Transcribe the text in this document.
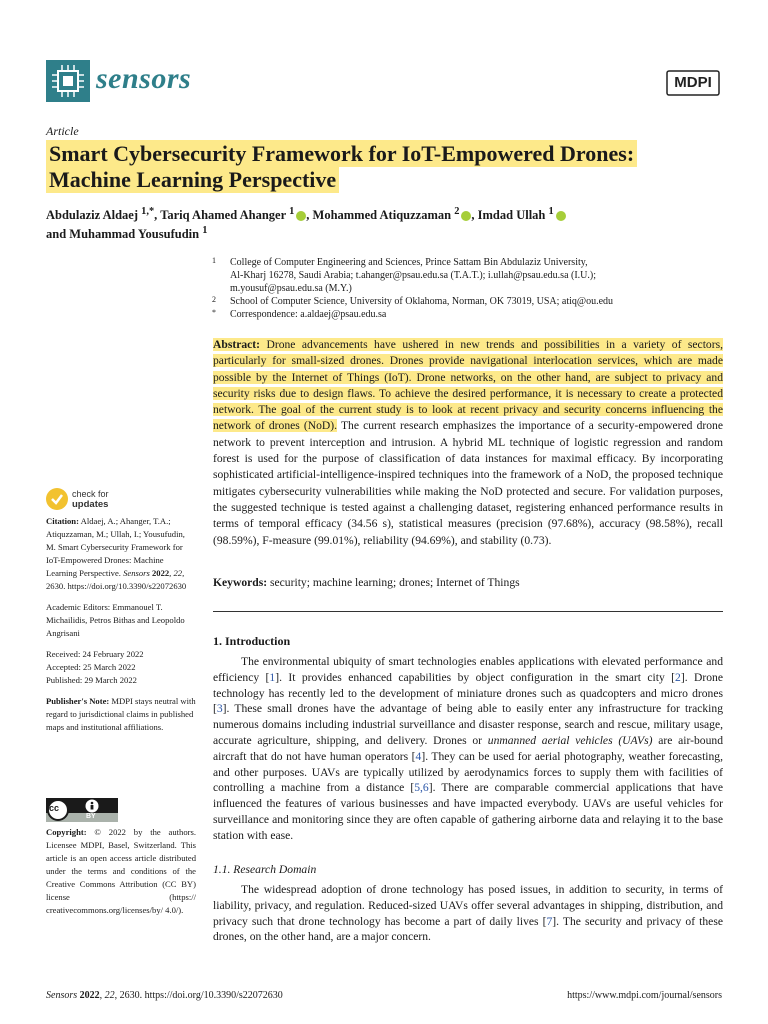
sensors	MDPI
Article
Smart Cybersecurity Framework for IoT-Empowered Drones:
Machine Learning Perspective
Abdulaziz Aldaej $^{1,*}$, Tariq Ahamed Ahanger $^1$ , Mohammed Atiquzzaman $^2$ , Imdad Ullah $^1$
and Muhammad Yousufudin $^1$

1 College of Computer Engineering and Sciences, Prince Sattam Bin Abdulaziz University,
Al-Kharj 16278, Saudi Arabia; t.ahanger@psau.edu.sa (T.A.T.); i.ullah@psau.edu.sa (I.U.);
m.yousuf@psau.edu.sa (M.Y.)

2 School of Computer Science, University of Oklahoma, Norman, OK 73019, USA; atiq@ou.edu

* Correspondence: a.aldaej@psau.edu.sa

Abstract: Drone advancements have ushered in new trends and possibilities in a variety of sectors, particularly for small-sized drones. Drones provide navigational interlocation services, which are made possible by the Internet of Things (IoT). Drone networks, on the other hand, are subject to privacy and security risks due to design flaws. To achieve the desired performance, it is necessary to create a protected network. The goal of the current study is to look at recent privacy and security concerns influencing the network of drones (NoD). The current research emphasizes the importance of a security-empowered drone network to prevent interception and intrusion. A hybrid ML technique of logistic regression and random forest is used for the purpose of classification of data instances for maximal efficacy. By incorporating sophisticated artificial-intelligence-inspired techniques into the framework of a NoD, the proposed technique mitigates cybersecurity vulnerabilities while making the NoD protected and secure. For validation purposes, the suggested technique is tested against a challenging dataset, registering enhanced performance results in terms of temporal efficacy (34.56 s), statistical measures (precision (97.68%), accuracy (98.58%), recall (98.59%), F-measure (99.01%), reliability (94.69%), and stability (0.73).
Keywords: security; machine learning; drones; Internet of Things
1. Introduction
The environmental ubiquity of smart technologies enables applications with elevated performance and efficiency [1]. It provides enhanced capabilities by object configuration in the smart city [2]. Drone technology has recently led to the development of miniature drones such as quadcopters and micro drones [3]. These small drones have the advantage of being able to easily enter any infrastructure for tracking numerous domains including industrial surveillance and disaster response, search and rescue, military usage, accurate agriculture, shipping, and delivery. Drones or unmanned aerial vehicles (UAVs) are air-bound aircraft that do not have human operators [4]. They can be used for aerial photography, weather forecasting, and other purposes. UAVs are typically utilized by aerodynamics forces to supply them with facilities of controlling a machine from a distance [5,6]. There are comparable commercial applications that have influenced the features of various businesses and have impacted everybody. UAVs are useful vehicles for surveillance and monitoring since they are often capable of gathering airborne data and relaying it to the base station with ease.
1.1. Research Domain
The widespread adoption of drone technology has posed issues, in addition to security, in terms of liability, privacy, and regulation. Reduced-sized UAVs offer several advantages in shipping, distribution, and privacy such that drone technology has become a part of daily lives [7]. The security and privacy of these drones, on the other hand, are a major concern.
check for
updates

Citation: Aldaej, A.; Ahanger, T.A.; Atiquzzaman, M.; Ullah, I.; Yousufudin, M. Smart Cybersecurity Framework for IoT-Empowered Drones: Machine Learning Perspective. Sensors 2022, 22, 2630. https://doi.org/10.3390/s22072630

Academic Editors: Emmanouel T. Michailidis, Petros Bithas and Leopoldo Angrisani

Received: 24 February 2022
Accepted: 25 March 2022
Published: 29 March 2022

Publisher's Note: MDPI stays neutral with regard to jurisdictional claims in published maps and institutional affiliations.

cc
BY
Copyright: © 2022 by the authors. Licensee MDPI, Basel, Switzerland. This article is an open access article distributed under the terms and conditions of the Creative Commons Attribution (CC BY) license (https:// creativecommons.org/licenses/by/ 4.0/).
Sensors 2022, 22, 2630. https://doi.org/10.3390/s22072630	https://www.mdpi.com/journal/sensors
